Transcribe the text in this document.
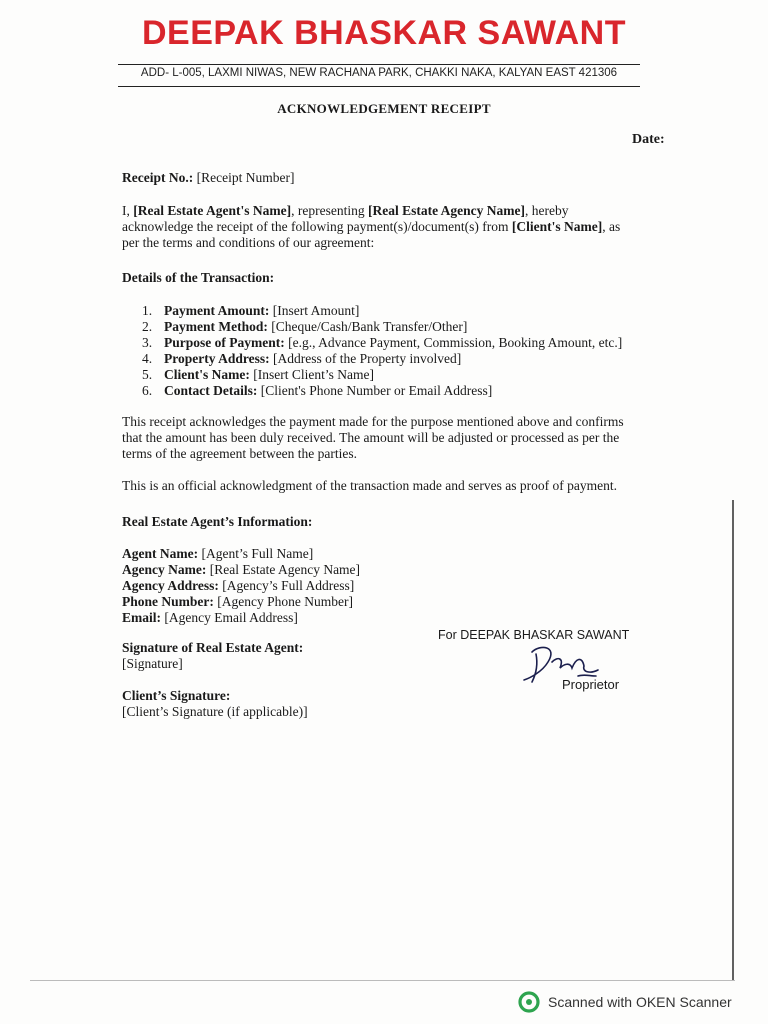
DEEPAK BHASKAR SAWANT
ADD- L-005, LAXMI NIWAS, NEW RACHANA PARK, CHAKKI NAKA, KALYAN EAST 421306
ACKNOWLEDGEMENT RECEIPT
Date:
Receipt No.: [Receipt Number]
I, [Real Estate Agent's Name], representing [Real Estate Agency Name], hereby
acknowledge the receipt of the following payment(s)/document(s) from [Client's Name], as
per the terms and conditions of our agreement:
Details of the Transaction:
1. Payment Amount: [Insert Amount]
2. Payment Method: [Cheque/Cash/Bank Transfer/Other]
3. Purpose of Payment: [e.g., Advance Payment, Commission, Booking Amount, etc.]
4. Property Address: [Address of the Property involved]
5. Client's Name: [Insert Client’s Name]
6. Contact Details: [Client's Phone Number or Email Address]
This receipt acknowledges the payment made for the purpose mentioned above and confirms
that the amount has been duly received. The amount will be adjusted or processed as per the
terms of the agreement between the parties.
This is an official acknowledgment of the transaction made and serves as proof of payment.
Real Estate Agent’s Information:
Agent Name: [Agent’s Full Name]
Agency Name: [Real Estate Agency Name]
Agency Address: [Agency’s Full Address]
Phone Number: [Agency Phone Number]
Email: [Agency Email Address]
Signature of Real Estate Agent:
[Signature]
Client’s Signature:
[Client’s Signature (if applicable)]
For DEEPAK BHASKAR SAWANT
Proprietor
Scanned with OKEN Scanner
